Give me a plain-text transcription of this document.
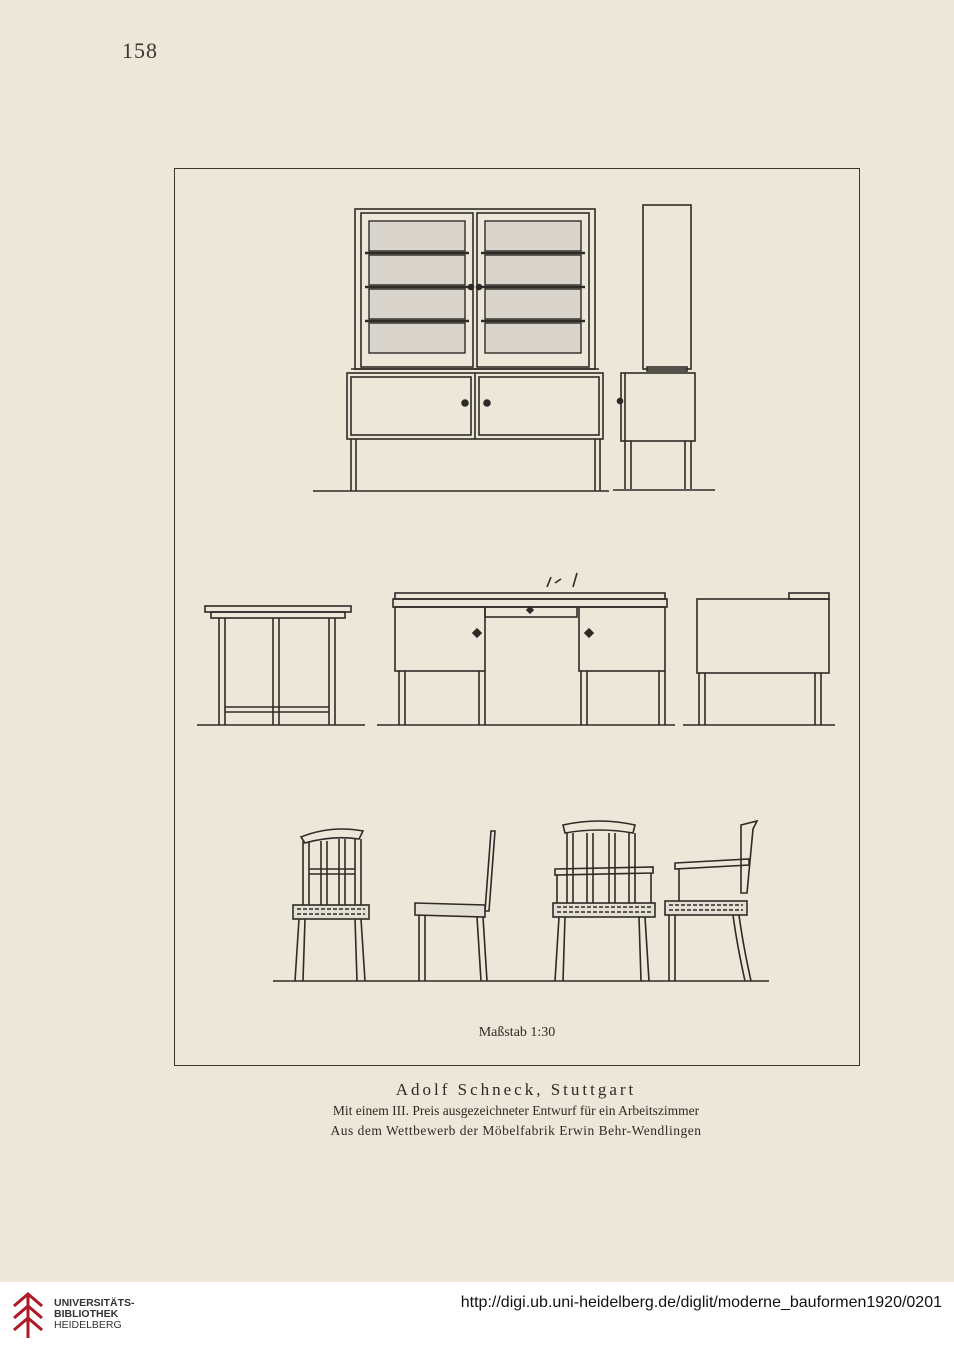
158
Maßstab 1:30
Adolf Schneck, Stuttgart
Mit einem III. Preis ausgezeichneter Entwurf für ein Arbeitszimmer
Aus dem Wettbewerb der Möbelfabrik Erwin Behr-Wendlingen
UNIVERSITÄTS-
BIBLIOTHEK
HEIDELBERG
http://digi.ub.uni-heidelberg.de/diglit/moderne_bauformen1920/0201
